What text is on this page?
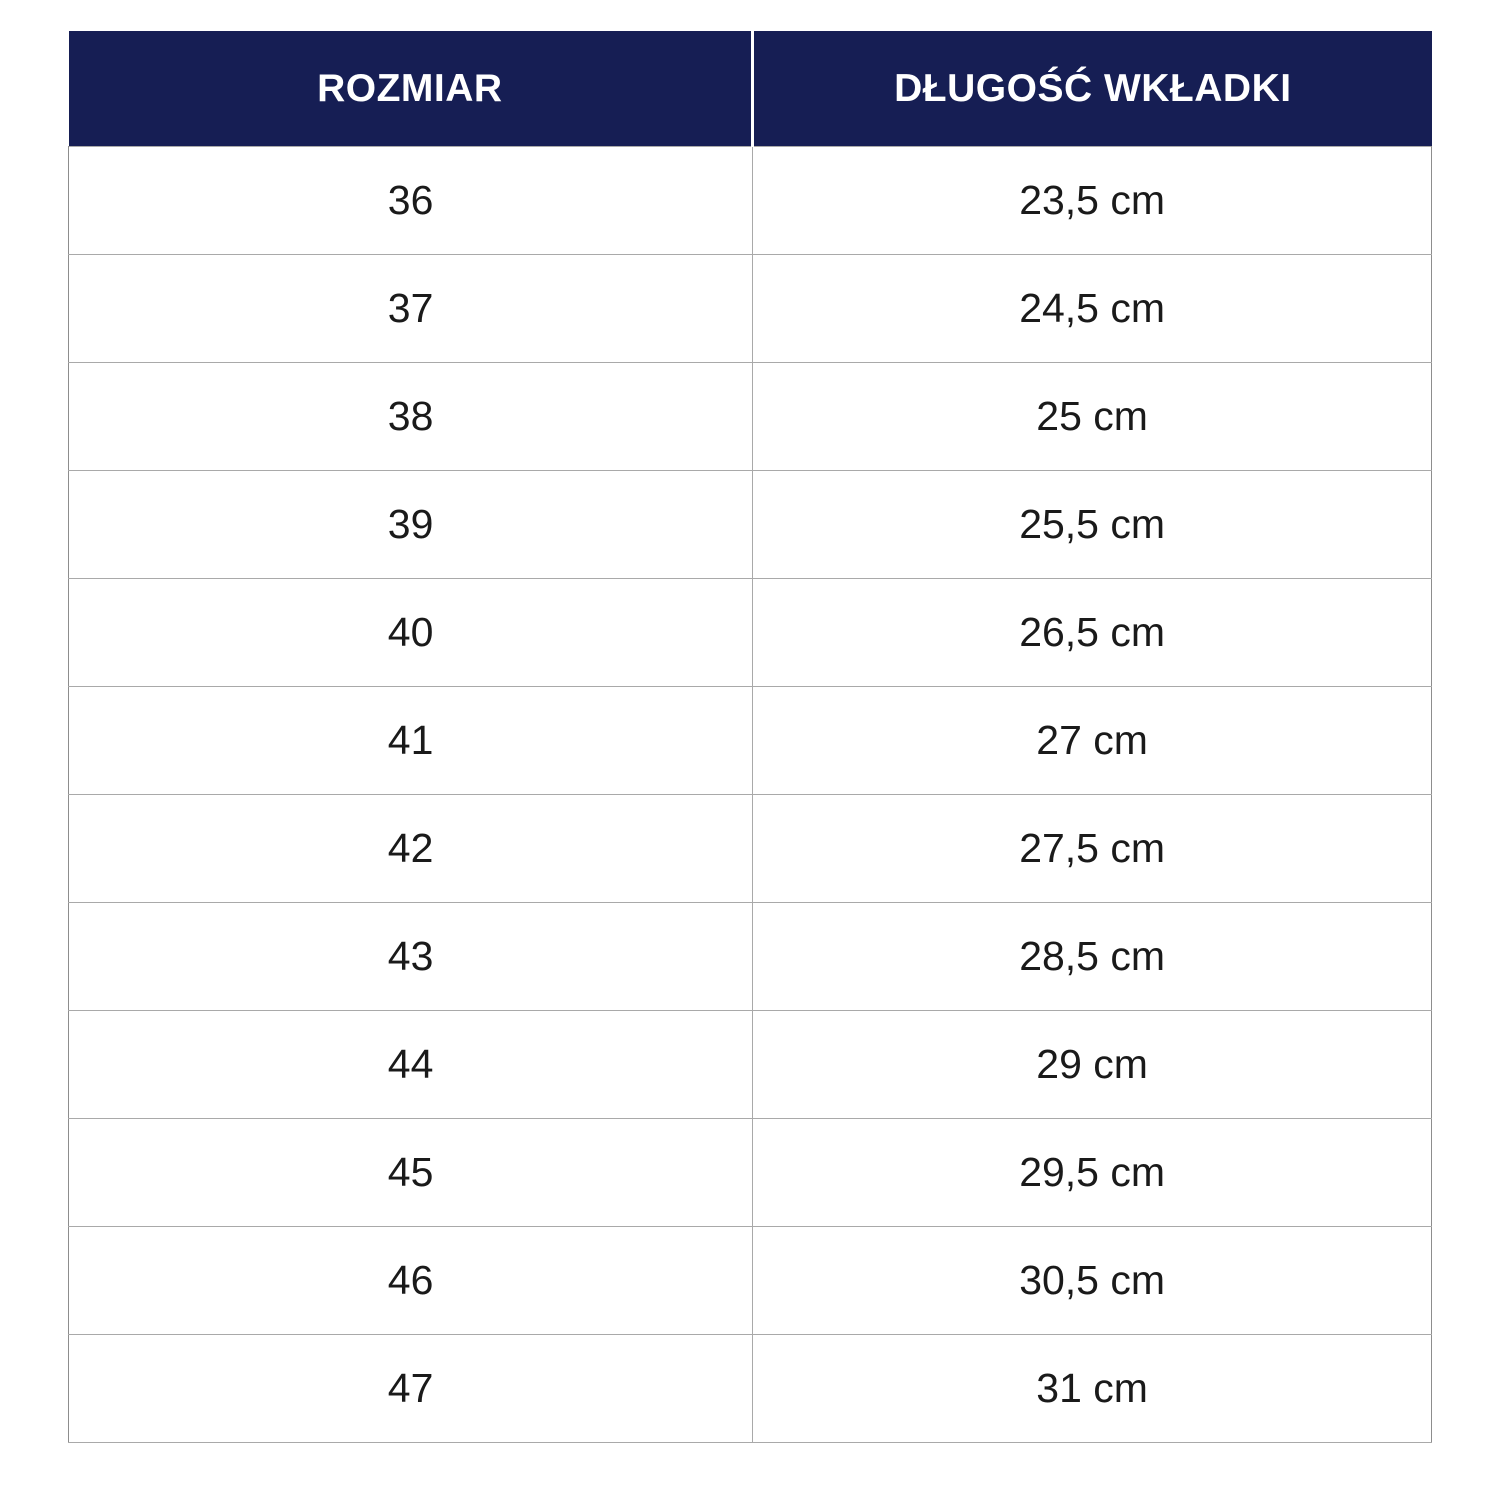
ROZMIAR	DŁUGOŚĆ WKŁADKI
36	23,5 cm
37	24,5 cm
38	25 cm
39	25,5 cm
40	26,5 cm
41	27 cm
42	27,5 cm
43	28,5 cm
44	29 cm
45	29,5 cm
46	30,5 cm
47	31 cm
